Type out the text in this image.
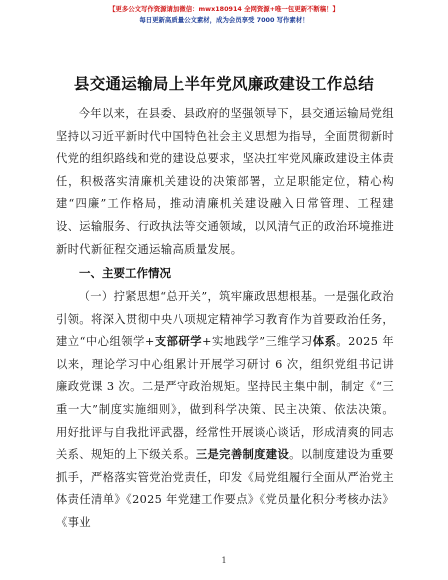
【更多公文写作资源请加微信：mwx180914 全网资源+唯一包更新不断稿！】
每日更新高质量公文素材，成为会员享受 7000 写作素材！
县交通运输局上半年党风廉政建设工作总结

今年以来，在县委、县政府的坚强领导下，县交通运输局党组坚持以习近平新时代中国特色社会主义思想为指导，全面贯彻新时代党的组织路线和党的建设总要求，坚决扛牢党风廉政建设主体责任，积极落实清廉机关建设的决策部署，立足职能定位，精心构建“四廉”工作格局，推动清廉机关建设融入日常管理、工程建设、运输服务、行政执法等交通领域，以风清气正的政治环境推进新时代新征程交通运输高质量发展。

一、主要工作情况

（一）拧紧思想“总开关”，筑牢廉政思想根基。一是强化政治引领。将深入贯彻中央八项规定精神学习教育作为首要政治任务，建立“中心组领学+支部研学+实地践学”三维学习体系。2025 年以来，理论学习中心组累计开展学习研讨 6 次，组织党组书记讲廉政党课 3 次。二是严守政治规矩。坚持民主集中制，制定《“三重一大”制度实施细则》，做到科学决策、民主决策、依法决策。用好批评与自我批评武器，经常性开展谈心谈话，形成清爽的同志关系、规矩的上下级关系。三是完善制度建设。以制度建设为重要抓手，严格落实管党治党责任，印发《局党组履行全面从严治党主体责任清单》《2025 年党建工作要点》《党员量化积分考核办法》《事业

1
